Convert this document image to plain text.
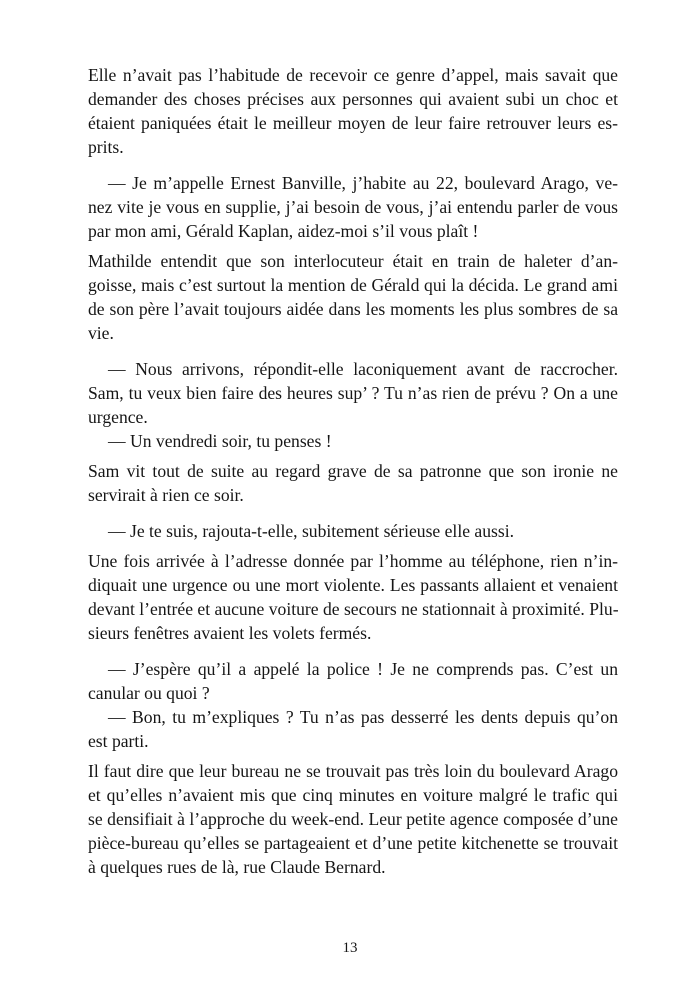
Elle n’avait pas l’habitude de recevoir ce genre d’appel, mais savait que
demander des choses précises aux personnes qui avaient subi un choc et
étaient paniquées était le meilleur moyen de leur faire retrouver leurs es-
prits.
— Je m’appelle Ernest Banville, j’habite au 22, boulevard Arago, ve-
nez vite je vous en supplie, j’ai besoin de vous, j’ai entendu parler de vous
par mon ami, Gérald Kaplan, aidez-moi s’il vous plaît !
Mathilde entendit que son interlocuteur était en train de haleter d’an-
goisse, mais c’est surtout la mention de Gérald qui la décida. Le grand ami
de son père l’avait toujours aidée dans les moments les plus sombres de sa
vie.
— Nous arrivons, répondit-elle laconiquement avant de raccrocher.
Sam, tu veux bien faire des heures sup’ ? Tu n’as rien de prévu ? On a une
urgence.
— Un vendredi soir, tu penses !
Sam vit tout de suite au regard grave de sa patronne que son ironie ne
servirait à rien ce soir.
— Je te suis, rajouta-t-elle, subitement sérieuse elle aussi.
Une fois arrivée à l’adresse donnée par l’homme au téléphone, rien n’in-
diquait une urgence ou une mort violente. Les passants allaient et venaient
devant l’entrée et aucune voiture de secours ne stationnait à proximité. Plu-
sieurs fenêtres avaient les volets fermés.
— J’espère qu’il a appelé la police ! Je ne comprends pas. C’est un
canular ou quoi ?
— Bon, tu m’expliques ? Tu n’as pas desserré les dents depuis qu’on
est parti.
Il faut dire que leur bureau ne se trouvait pas très loin du boulevard Arago
et qu’elles n’avaient mis que cinq minutes en voiture malgré le trafic qui
se densifiait à l’approche du week-end. Leur petite agence composée d’une
pièce-bureau qu’elles se partageaient et d’une petite kitchenette se trouvait
à quelques rues de là, rue Claude Bernard.
13
